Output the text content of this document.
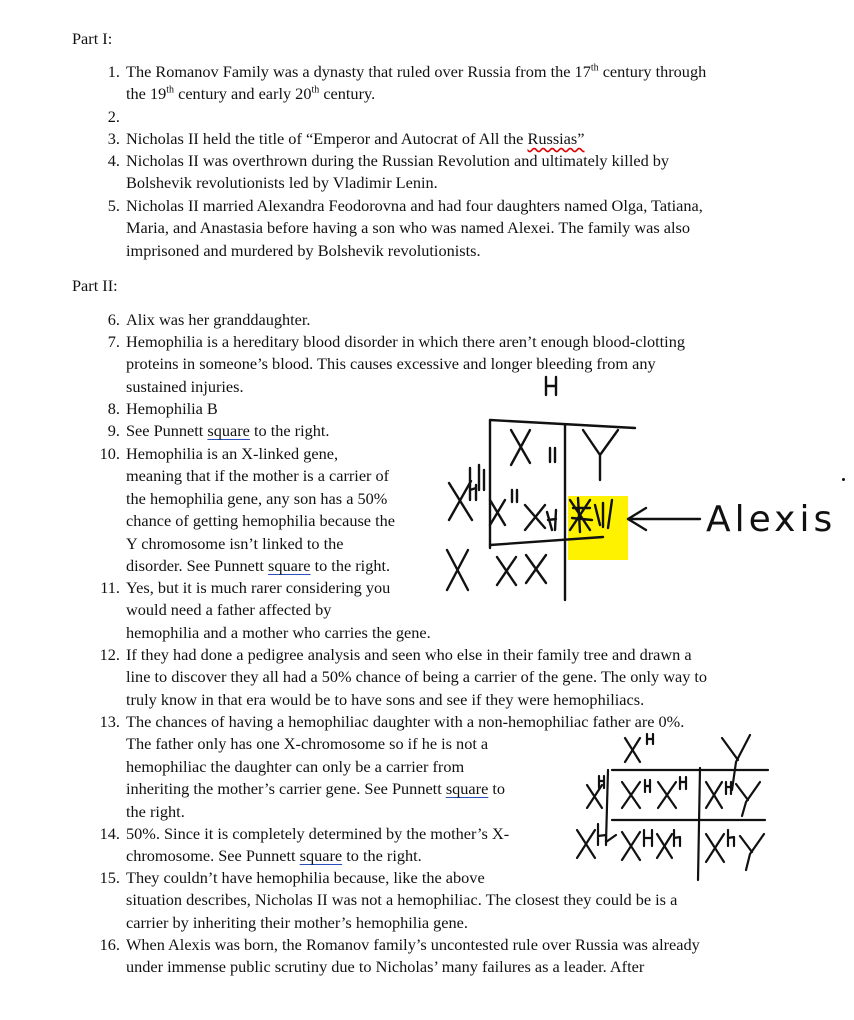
Part I:
Part II:
1. The Romanov Family was a dynasty that ruled over Russia from the 17th century through
the 19th century and early 20th century.
2.

3. Nicholas II held the title of “Emperor and Autocrat of All the Russias”
4. Nicholas II was overthrown during the Russian Revolution and ultimately killed by
Bolshevik revolutionists led by Vladimir Lenin.
5. Nicholas II married Alexandra Feodorovna and had four daughters named Olga, Tatiana,
Maria, and Anastasia before having a son who was named Alexei. The family was also
imprisoned and murdered by Bolshevik revolutionists.
6. Alix was her granddaughter.
7. Hemophilia is a hereditary blood disorder in which there aren’t enough blood-clotting
proteins in someone’s blood. This causes excessive and longer bleeding from any
sustained injuries.
8. Hemophilia B
9. See Punnett square to the right.
10. Hemophilia is an X-linked gene,
meaning that if the mother is a carrier of
the hemophilia gene, any son has a 50%
chance of getting hemophilia because the
Y chromosome isn’t linked to the
disorder. See Punnett square to the right.
11. Yes, but it is much rarer considering you
would need a father affected by
hemophilia and a mother who carries the gene.
12. If they had done a pedigree analysis and seen who else in their family tree and drawn a
line to discover they all had a 50% chance of being a carrier of the gene. The only way to
truly know in that era would be to have sons and see if they were hemophiliacs.
13. The chances of having a hemophiliac daughter with a non-hemophiliac father are 0%.
The father only has one X-chromosome so if he is not a
hemophiliac the daughter can only be a carrier from
inheriting the mother’s carrier gene. See Punnett square to
the right.
14. 50%. Since it is completely determined by the mother’s X-
chromosome. See Punnett square to the right.
15. They couldn’t have hemophilia because, like the above
situation describes, Nicholas II was not a hemophiliac. The closest they could be is a
carrier by inheriting their mother’s hemophilia gene.
16. When Alexis was born, the Romanov family’s uncontested rule over Russia was already
under immense public scrutiny due to Nicholas’ many failures as a leader. After
Alexis
